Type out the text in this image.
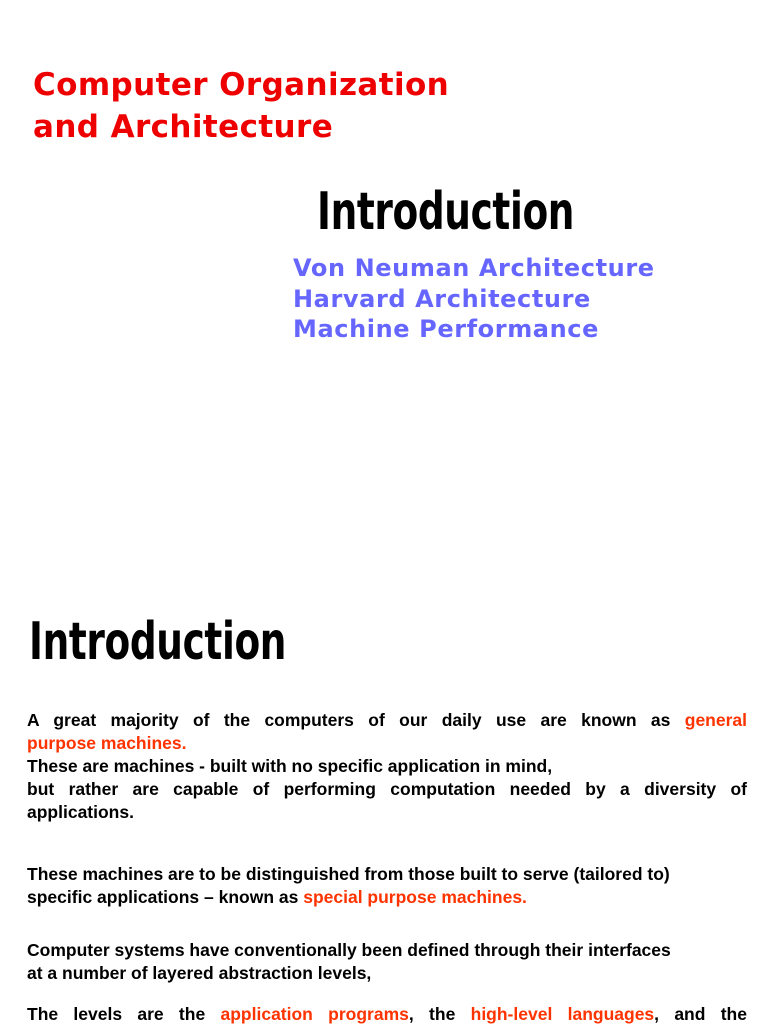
Computer Organization
and Architecture
Introduction
Von Neuman Architecture
Harvard Architecture
Machine Performance
Introduction
A great majority of the computers of our daily use are known as general
purpose machines.
These are machines - built with no specific application in mind,
but rather are capable of performing computation needed by a diversity of
applications.
These machines are to be distinguished from those built to serve (tailored to)
specific applications – known as special purpose machines.
Computer systems have conventionally been defined through their interfaces
at a number of layered abstraction levels,
The levels are the application programs, the high-level languages, and the
